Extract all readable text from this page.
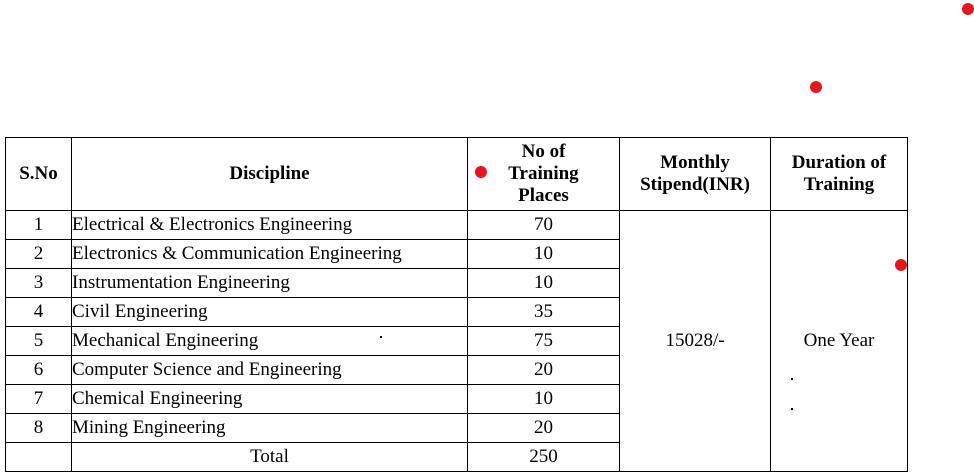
S.No	Discipline	No of Training Places	Monthly Stipend(INR)	Duration of Training
1	Electrical & Electronics Engineering	70	15028/-	One Year
2	Electronics & Communication Engineering	10		
3	Instrumentation Engineering	10		
4	Civil Engineering	35		
5	Mechanical Engineering	75		
6	Computer Science and Engineering	20		
7	Chemical Engineering	10		
8	Mining Engineering	20		
	Total	250		
